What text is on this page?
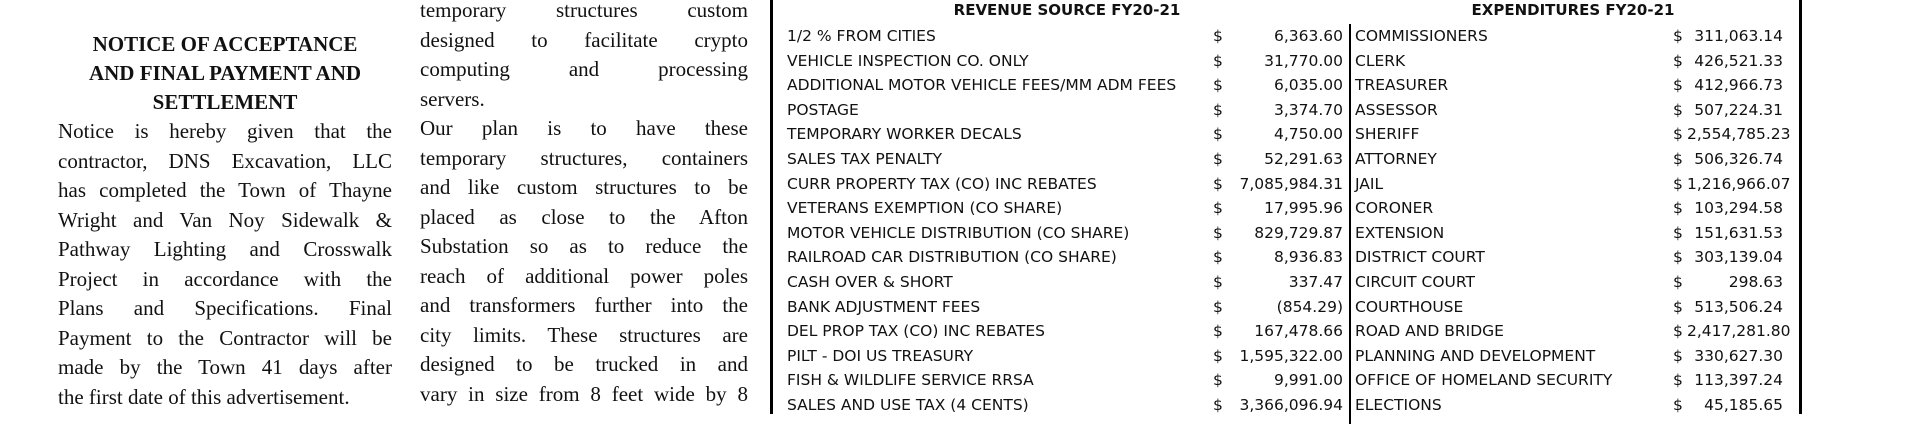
NOTICE OF ACCEPTANCE
AND FINAL PAYMENT AND
SETTLEMENT
Notice is hereby given that the
contractor, DNS Excavation, LLC
has completed the Town of Thayne
Wright and Van Noy Sidewalk &
Pathway Lighting and Crosswalk
Project in accordance with the
Plans and Specifications. Final
Payment to the Contractor will be
made by the Town 41 days after
the first date of this advertisement.
temporary structures custom
designed to facilitate crypto
computing and processing
servers.
Our plan is to have these
temporary structures, containers
and like custom structures to be
placed as close to the Afton
Substation so as to reduce the
reach of additional power poles
and transformers further into the
city limits. These structures are
designed to be trucked in and
vary in size from 8 feet wide by 8
REVENUE SOURCE FY20-21
1/2 % FROM CITIES	$	6,363.60
VEHICLE INSPECTION CO. ONLY	$	31,770.00
ADDITIONAL MOTOR VEHICLE FEES/MM ADM FEES $	6,035.00
POSTAGE	$	3,374.70
TEMPORARY WORKER DECALS	$	4,750.00
SALES TAX PENALTY	$	52,291.63
CURR PROPERTY TAX (CO) INC REBATES	$	7,085,984.31
VETERANS EXEMPTION (CO SHARE)	$	17,995.96
MOTOR VEHICLE DISTRIBUTION (CO SHARE)	$	829,729.87
RAILROAD CAR DISTRIBUTION (CO SHARE)	$	8,936.83
CASH OVER & SHORT	$	337.47
BANK ADJUSTMENT FEES	$	(854.29)
DEL PROP TAX (CO) INC REBATES	$	167,478.66
PILT - DOI US TREASURY	$	1,595,322.00
FISH & WILDLIFE SERVICE RRSA	$	9,991.00
SALES AND USE TAX (4 CENTS)	$	3,366,096.94
EXPENDITURES FY20-21
COMMISSIONERS	$ 311,063.14
CLERK	$ 426,521.33
TREASURER	$ 412,966.73
ASSESSOR	$ 507,224.31
SHERIFF	$ 2,554,785.23
ATTORNEY	$ 506,326.74
JAIL	$ 1,216,966.07
CORONER	$ 103,294.58
EXTENSION	$ 151,631.53
DISTRICT COURT	$ 303,139.04
CIRCUIT COURT	$	298.63
COURTHOUSE	$ 513,506.24
ROAD AND BRIDGE	$ 2,417,281.80
PLANNING AND DEVELOPMENT	$ 330,627.30
OFFICE OF HOMELAND SECURITY	$ 113,397.24
ELECTIONS	$	45,185.65
